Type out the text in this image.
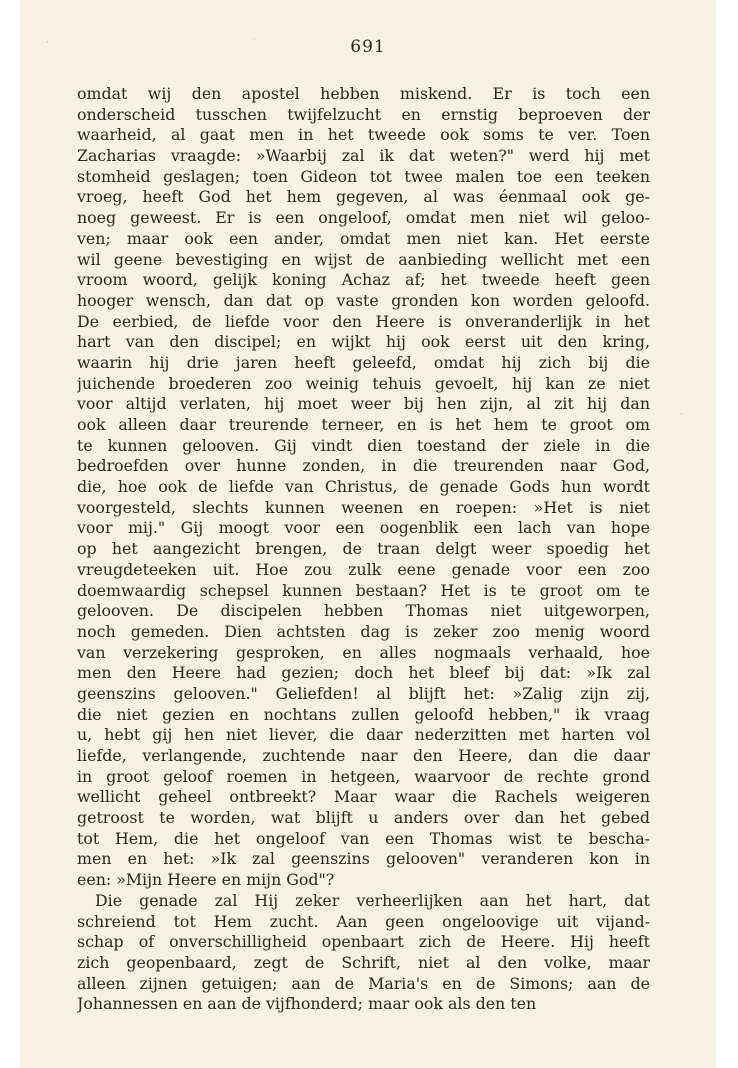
'	·
·
691
omdat wij den apostel hebben miskend. Er is toch een
onderscheid tusschen twijfelzucht en ernstig beproeven der
waarheid, al gaat men in het tweede ook soms te ver. Toen
Zacharias vraagde: »Waarbij zal ik dat weten?" werd hij met
stomheid geslagen; toen Gideon tot twee malen toe een teeken
vroeg, heeft God het hem gegeven, al was éenmaal ook ge-
noeg geweest. Er is een ongeloof, omdat men niet wil geloo-
ven; maar ook een ander, omdat men niet kan. Het eerste
wil geene bevestiging en wijst de aanbieding wellicht met een
vroom woord, gelijk koning Achaz af; het tweede heeft geen
hooger wensch, dan dat op vaste gronden kon worden geloofd.
De eerbied, de liefde voor den Heere is onveranderlijk in het
hart van den discipel; en wijkt hij ook eerst uit den kring,
waarin hij drie jaren heeft geleefd, omdat hij zich bij die
juichende broederen zoo weinig tehuis gevoelt, hij kan ze niet
voor altijd verlaten, hij moet weer bij hen zijn, al zit hij dan
ook alleen daar treurende terneer, en is het hem te groot om
te kunnen gelooven. Gij vindt dien toestand der ziele in die
bedroefden over hunne zonden, in die treurenden naar God,
die, hoe ook de liefde van Christus, de genade Gods hun wordt
voorgesteld, slechts kunnen weenen en roepen: »Het is niet
voor mij." Gij moogt voor een oogenblik een lach van hope
op het aangezicht brengen, de traan delgt weer spoedig het
vreugdeteeken uit. Hoe zou zulk eene genade voor een zoo
doemwaardig schepsel kunnen bestaan? Het is te groot om te
gelooven. De discipelen hebben Thomas niet uitgeworpen,
noch gemeden. Dien achtsten dag is zeker zoo menig woord
van verzekering gesproken, en alles nogmaals verhaald, hoe
men den Heere had gezien; doch het bleef bij dat: »Ik zal
geenszins gelooven." Geliefden! al blijft het: »Zalig zijn zij,
die niet gezien en nochtans zullen geloofd hebben," ik vraag
u, hebt gij hen niet liever, die daar nederzitten met harten vol
liefde, verlangende, zuchtende naar den Heere, dan die daar
in groot geloof roemen in hetgeen, waarvoor de rechte grond
wellicht geheel ontbreekt? Maar waar die Rachels weigeren
getroost te worden, wat blijft u anders over dan het gebed
tot Hem, die het ongeloof van een Thomas wist te bescha-
men en het: »Ik zal geenszins gelooven" veranderen kon in
een: »Mijn Heere en mijn God"?
Die genade zal Hij zeker verheerlijken aan het hart, dat
schreiend tot Hem zucht. Aan geen ongeloovige uit vijand-
schap of onverschilligheid openbaart zich de Heere. Hij heeft
zich geopenbaard, zegt de Schrift, niet al den volke, maar
alleen zijnen getuigen; aan de Maria's en de Simons; aan de
Johannessen en aan de vijfhonderd; maar ook als den ten
